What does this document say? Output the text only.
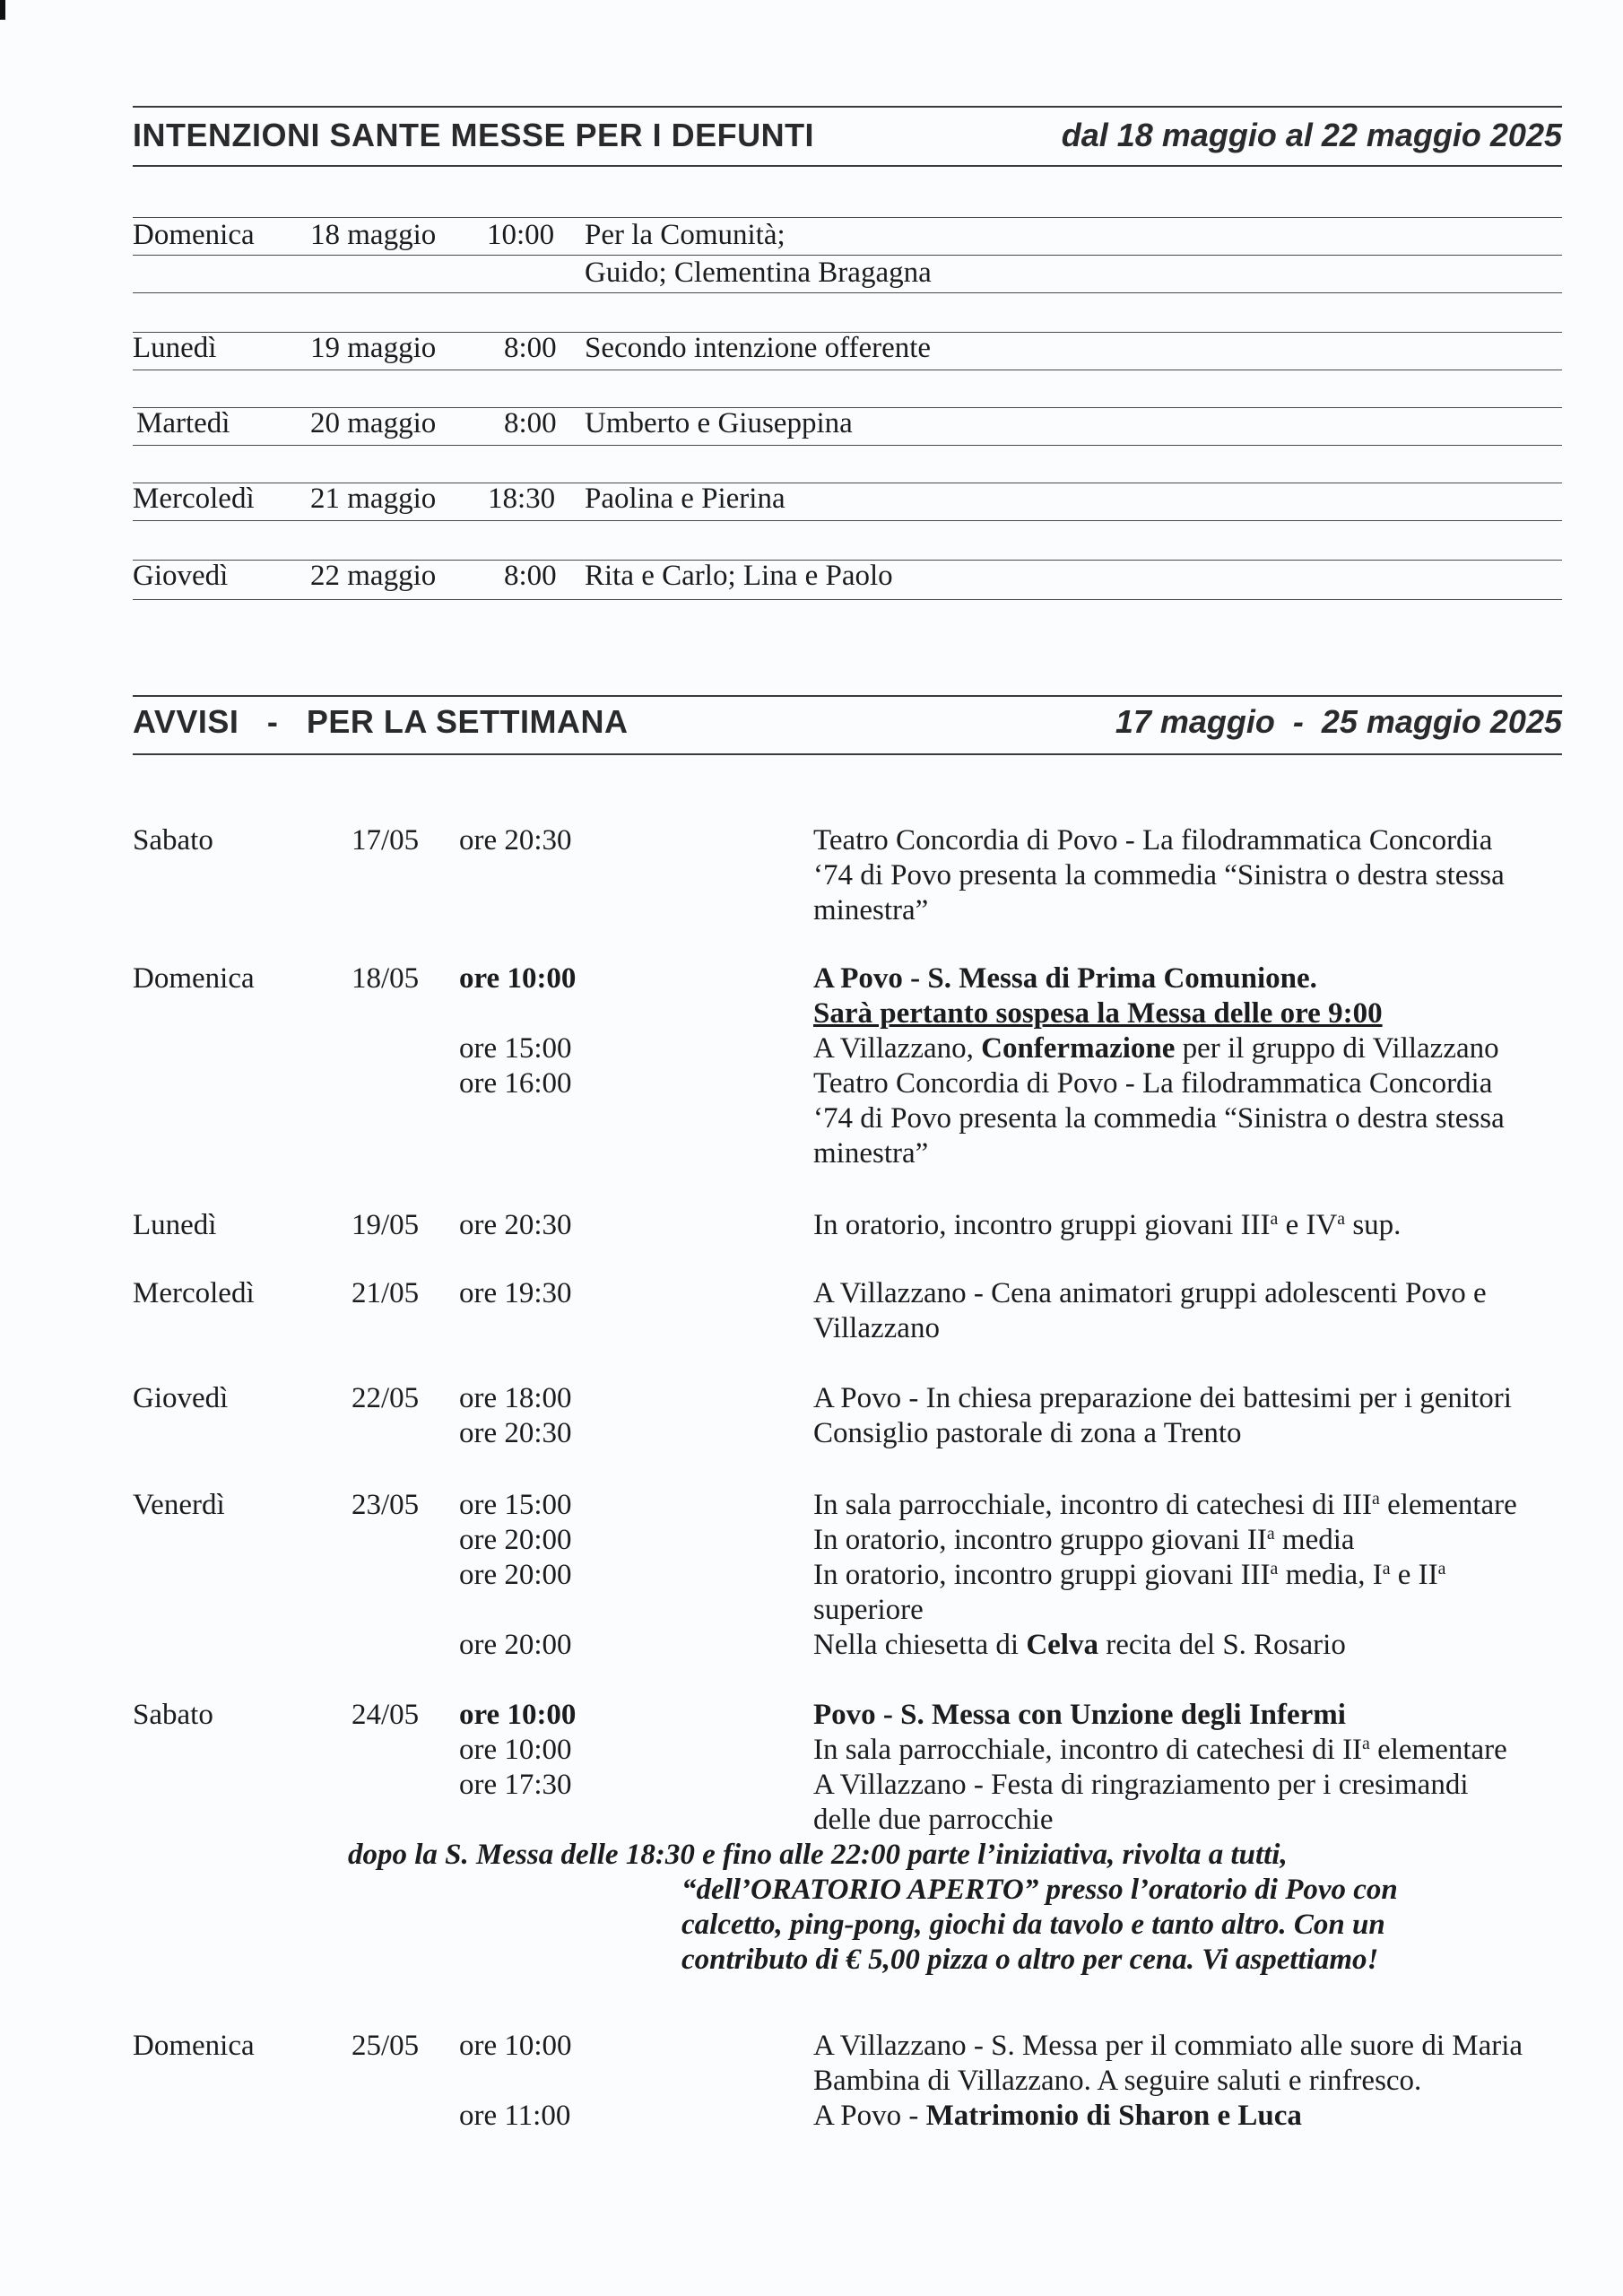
INTENZIONI SANTE MESSE PER I DEFUNTI	dal 18 maggio al 22 maggio 2025
Domenica 18 maggio 10:00 Per la Comunità;
Guido; Clementina Bragagna
Lunedì	19 maggio 8:00 Secondo intenzione offerente
Martedì	20 maggio 8:00 Umberto e Giuseppina
Mercoledì 21 maggio 18:30 Paolina e Pierina
Giovedì	22 maggio 8:00 Rita e Carlo; Lina e Paolo
AVVISI   -   PER LA SETTIMANA	17 maggio  -  25 maggio 2025
Sabato	17/05 ore 20:30	Teatro Concordia di Povo - La filodrammatica Concordia
‘74 di Povo presenta la commedia “Sinistra o destra stessa
minestra”
Domenica	18/05 ore 10:00	A Povo - S. Messa di Prima Comunione.
Sarà pertanto sospesa la Messa delle ore 9:00
ore 15:00	A Villazzano, Confermazione per il gruppo di Villazzano
ore 16:00	Teatro Concordia di Povo - La filodrammatica Concordia
‘74 di Povo presenta la commedia “Sinistra o destra stessa
minestra”
Lunedì	19/05 ore 20:30	In oratorio, incontro gruppi giovani III$^a$ e $IV^a$ sup.
Mercoledì	21/05 ore 19:30	A Villazzano - Cena animatori gruppi adolescenti Povo e
Villazzano
Giovedì	22/05 ore 18:00	A Povo - In chiesa preparazione dei battesimi per i genitori
ore 20:30	Consiglio pastorale di zona a Trento
Venerdì	23/05 ore 15:00	In sala parrocchiale, incontro di catechesi di III$^a$ elementare
ore 20:00	In oratorio, incontro gruppo giovani $II^a$ media
ore 20:00	In oratorio, incontro gruppi giovani III$^a$ media, $I^a$ e $II^a$
superiore
ore 20:00	Nella chiesetta di Celva recita del S. Rosario
Sabato	24/05 ore 10:00	Povo - S. Messa con Unzione degli Infermi
ore 10:00	In sala parrocchiale, incontro di catechesi di $II^a$ elementare
ore 17:30	A Villazzano - Festa di ringraziamento per i cresimandi
delle due parrocchie
dopo la S. Messa delle 18:30 e fino alle 22:00 parte l’iniziativa, rivolta a tutti,
“dell’ORATORIO APERTO” presso l’oratorio di Povo con
calcetto, ping-pong, giochi da tavolo e tanto altro. Con un
contributo di € 5,00 pizza o altro per cena. Vi aspettiamo!
Domenica	25/05 ore 10:00	A Villazzano - S. Messa per il commiato alle suore di Maria
Bambina di Villazzano. A seguire saluti e rinfresco.
ore 11:00	A Povo - Matrimonio di Sharon e Luca
